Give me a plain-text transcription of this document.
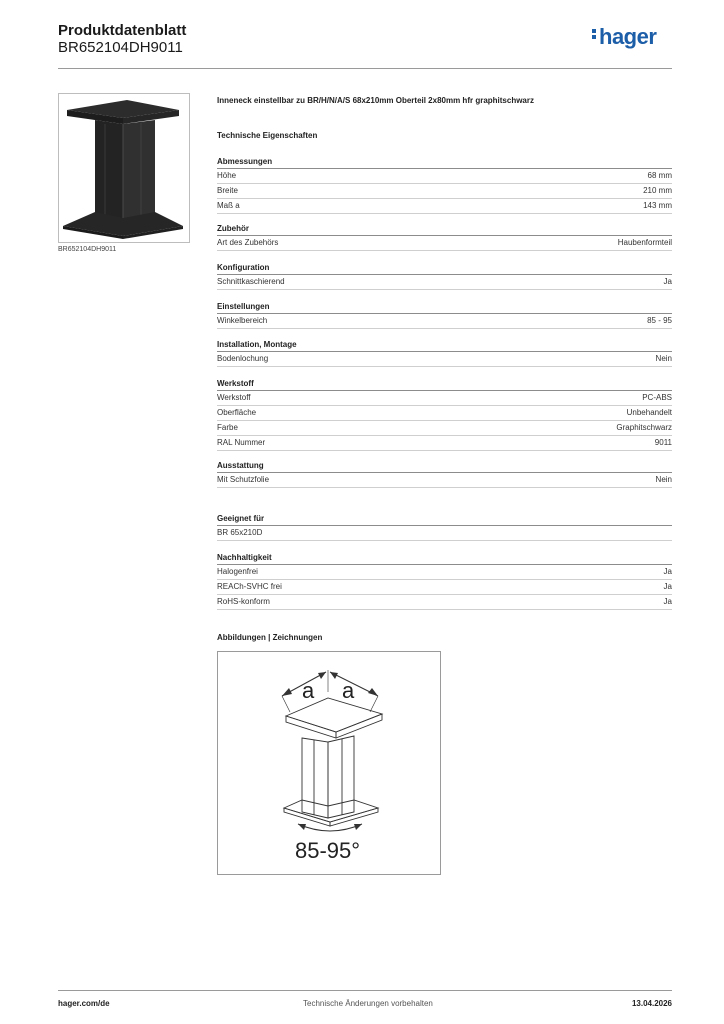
Produktdatenblatt
BR652104DH9011	hager
BR652104DH9011
Inneneck einstellbar zu BR/H/N/A/S 68x210mm Oberteil 2x80mm hfr graphitschwarz
Technische Eigenschaften
Abmessungen
Höhe	68 mm
Breite	210 mm
Maß a	143 mm
Zubehör
Art des Zubehörs	Haubenformteil
Konfiguration
Schnittkaschierend	Ja
Einstellungen
Winkelbereich	85 - 95
Installation, Montage
Bodenlochung	Nein
Werkstoff
Werkstoff	PC-ABS
Oberfläche	Unbehandelt
Farbe	Graphitschwarz
RAL Nummer	9011
Ausstattung
Mit Schutzfolie	Nein
Geeignet für
BR 65x210D
Nachhaltigkeit
Halogenfrei	Ja
REACh-SVHC frei	Ja
RoHS-konform	Ja
Abbildungen | Zeichnungen
a a
85-95°
hager.com/de	Technische Änderungen vorbehalten	13.04.2026
